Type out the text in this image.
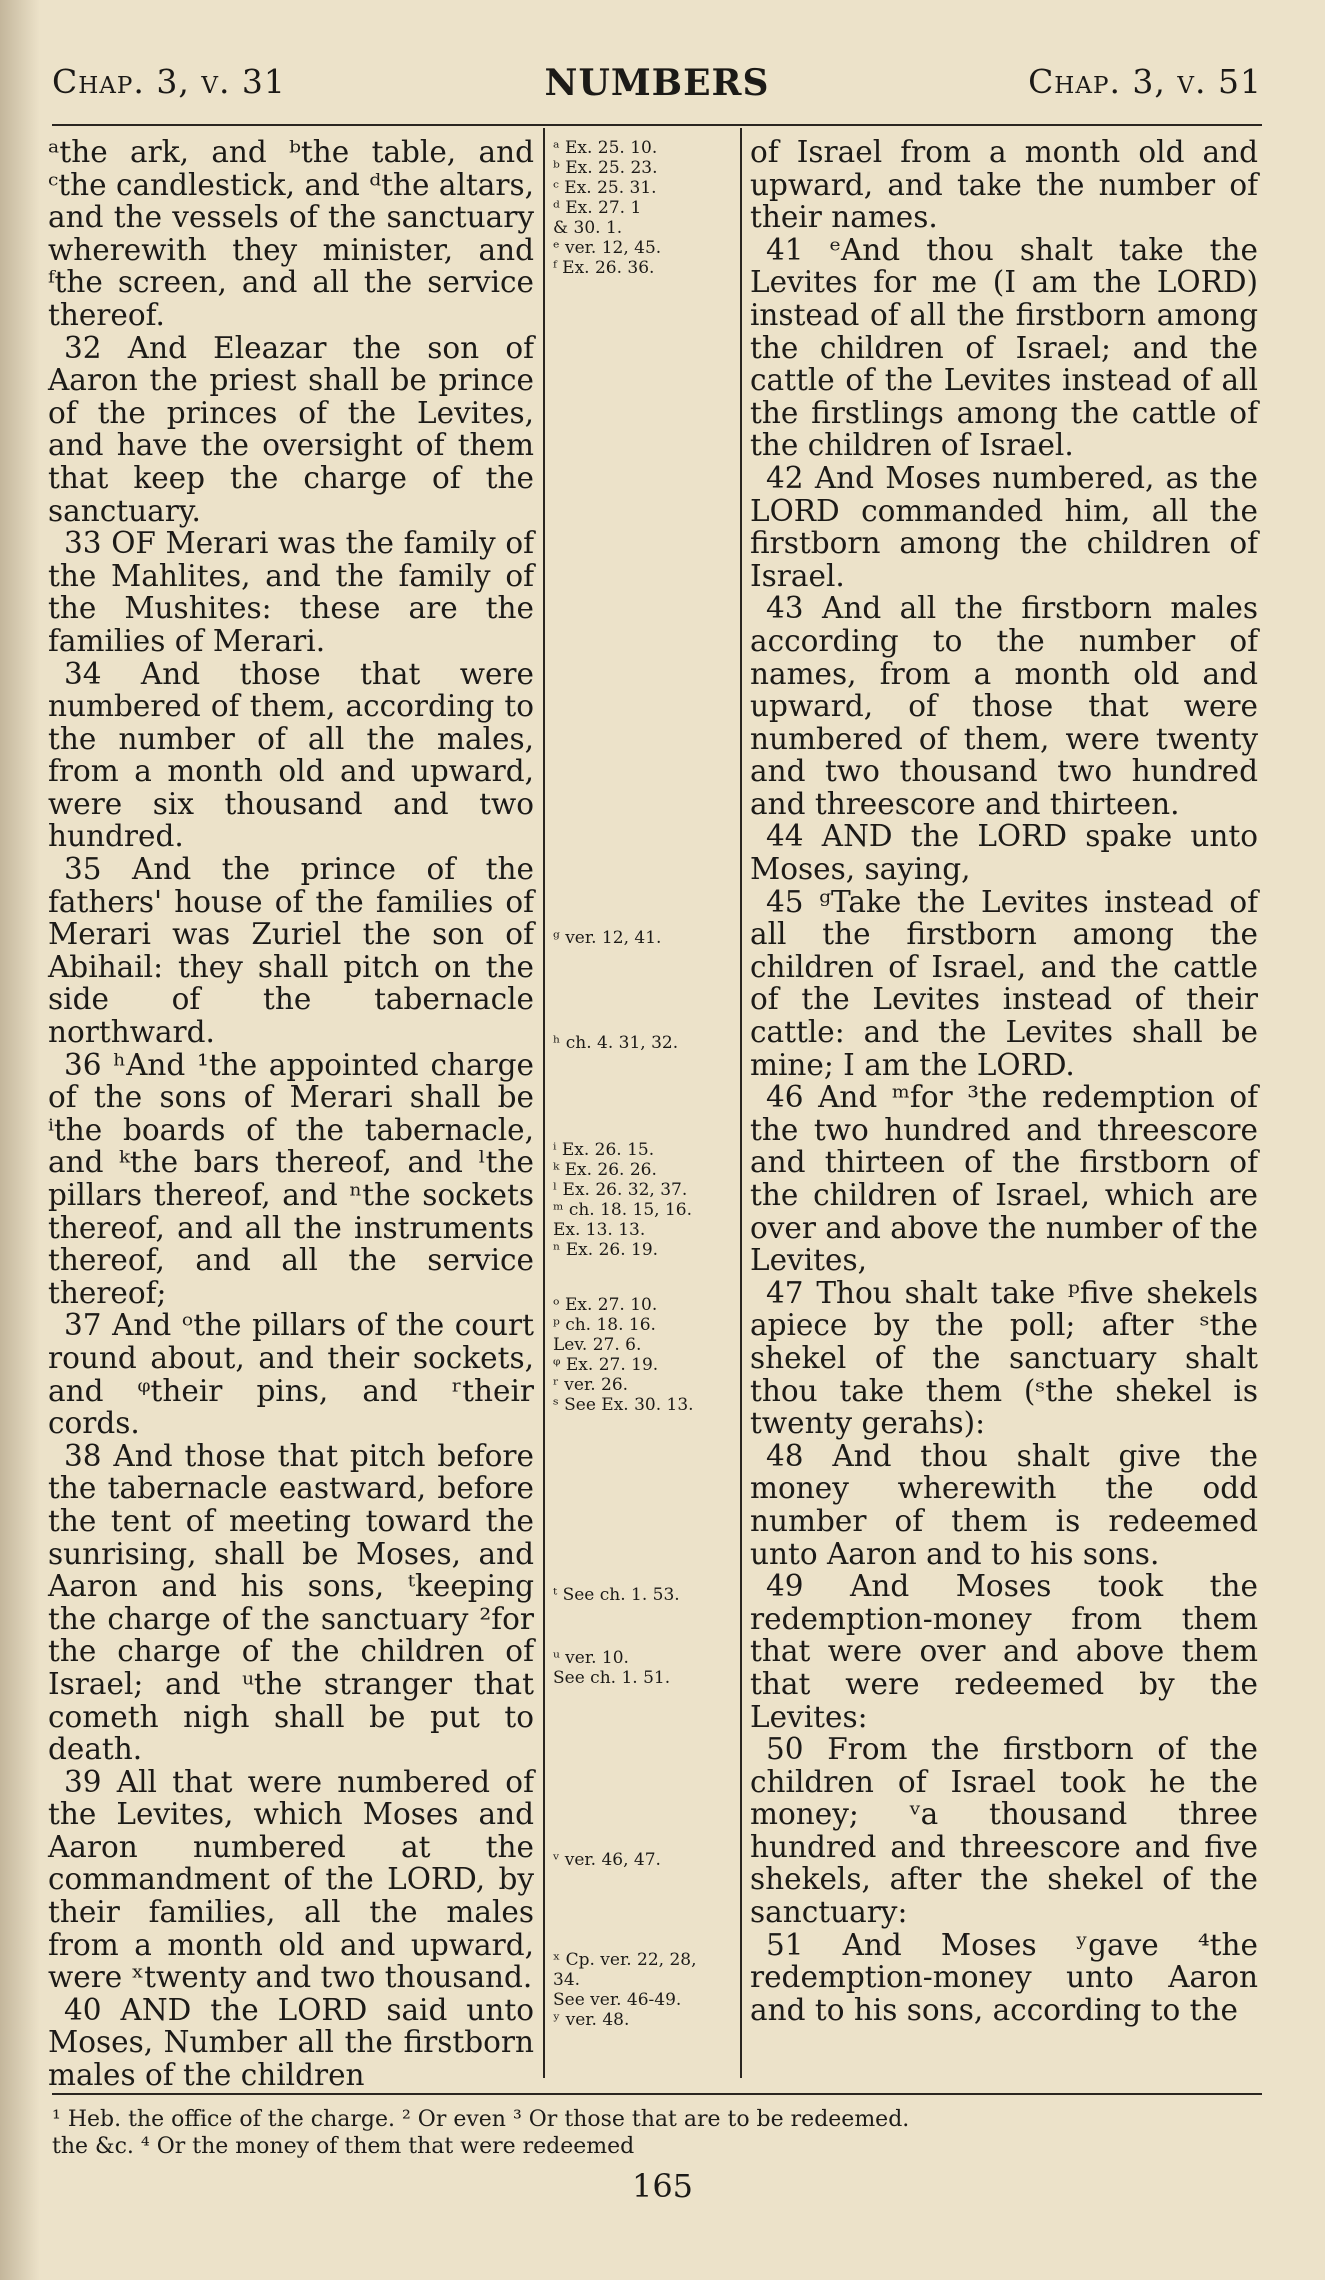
Chap. 3, v. 31	NUMBERS	Chap. 3, v. 51

ᵃthe ark, and ᵇthe table, and ᶜthe candlestick, and ᵈthe altars, and the vessels of the sanctuary wherewith they minister, and ᶠthe screen, and all the service thereof.

32 And Eleazar the son of Aaron the priest shall be prince of the princes of the Levites, and have the oversight of them that keep the charge of the sanctuary.

33 OF Merari was the family of the Mahlites, and the family of the Mushites: these are the families of Merari.

34 And those that were numbered of them, according to the number of all the males, from a month old and upward, were six thousand and two hundred.

35 And the prince of the fathers' house of the families of Merari was Zuriel the son of Abihail: they shall pitch on the side of the tabernacle northward.

36 ʰAnd ¹the appointed charge of the sons of Merari shall be ⁱthe boards of the tabernacle, and ᵏthe bars thereof, and ˡthe pillars thereof, and ⁿthe sockets thereof, and all the instruments thereof, and all the service thereof;

37 And ᵒthe pillars of the court round about, and their sockets, and ᵠtheir pins, and ʳtheir cords.

38 And those that pitch before the tabernacle eastward, before the tent of meeting toward the sunrising, shall be Moses, and Aaron and his sons, ᵗkeeping the charge of the sanctuary ²for the charge of the children of Israel; and ᵘthe stranger that cometh nigh shall be put to death.

39 All that were numbered of the Levites, which Moses and Aaron numbered at the commandment of the LORD, by their families, all the males from a month old and upward, were ˣtwenty and two thousand.

40 AND the LORD said unto Moses, Number all the firstborn males of the children

ᵃ Ex. 25. 10.
ᵇ Ex. 25. 23.
ᶜ Ex. 25. 31.
ᵈ Ex. 27. 1
& 30. 1.
ᵉ ver. 12, 45.
ᶠ Ex. 26. 36.
ᵍ ver. 12, 41.
ʰ ch. 4. 31, 32.
ⁱ Ex. 26. 15.
ᵏ Ex. 26. 26.
ˡ Ex. 26. 32, 37.
ᵐ ch. 18. 15, 16.
Ex. 13. 13.
ⁿ Ex. 26. 19.
ᵒ Ex. 27. 10.
ᵖ ch. 18. 16.
Lev. 27. 6.
ᵠ Ex. 27. 19.
ʳ ver. 26.
ˢ See Ex. 30. 13.
ᵗ See ch. 1. 53.
ᵘ ver. 10.
See ch. 1. 51.
ᵛ ver. 46, 47.
ˣ Cp. ver. 22, 28,
34.
See ver. 46-49.
ʸ ver. 48.

of Israel from a month old and upward, and take the number of their names.

41 ᵉAnd thou shalt take the Levites for me (I am the LORD) instead of all the firstborn among the children of Israel; and the cattle of the Levites instead of all the firstlings among the cattle of the children of Israel.

42 And Moses numbered, as the LORD commanded him, all the firstborn among the children of Israel.

43 And all the firstborn males according to the number of names, from a month old and upward, of those that were numbered of them, were twenty and two thousand two hundred and threescore and thirteen.

44 AND the LORD spake unto Moses, saying,

45 ᵍTake the Levites instead of all the firstborn among the children of Israel, and the cattle of the Levites instead of their cattle: and the Levites shall be mine; I am the LORD.

46 And ᵐfor ³the redemption of the two hundred and threescore and thirteen of the firstborn of the children of Israel, which are over and above the number of the Levites,

47 Thou shalt take ᵖfive shekels apiece by the poll; after ˢthe shekel of the sanctuary shalt thou take them (ˢthe shekel is twenty gerahs):

48 And thou shalt give the money wherewith the odd number of them is redeemed unto Aaron and to his sons.

49 And Moses took the redemption-money from them that were over and above them that were redeemed by the Levites:

50 From the firstborn of the children of Israel took he the money; ᵛa thousand three hundred and threescore and five shekels, after the shekel of the sanctuary:

51 And Moses ʸgave ⁴the redemption-money unto Aaron and to his sons, according to the

¹ Heb. the office of the charge. ² Or even ³ Or those that are to be redeemed.
the &c. ⁴ Or the money of them that were redeemed
165
